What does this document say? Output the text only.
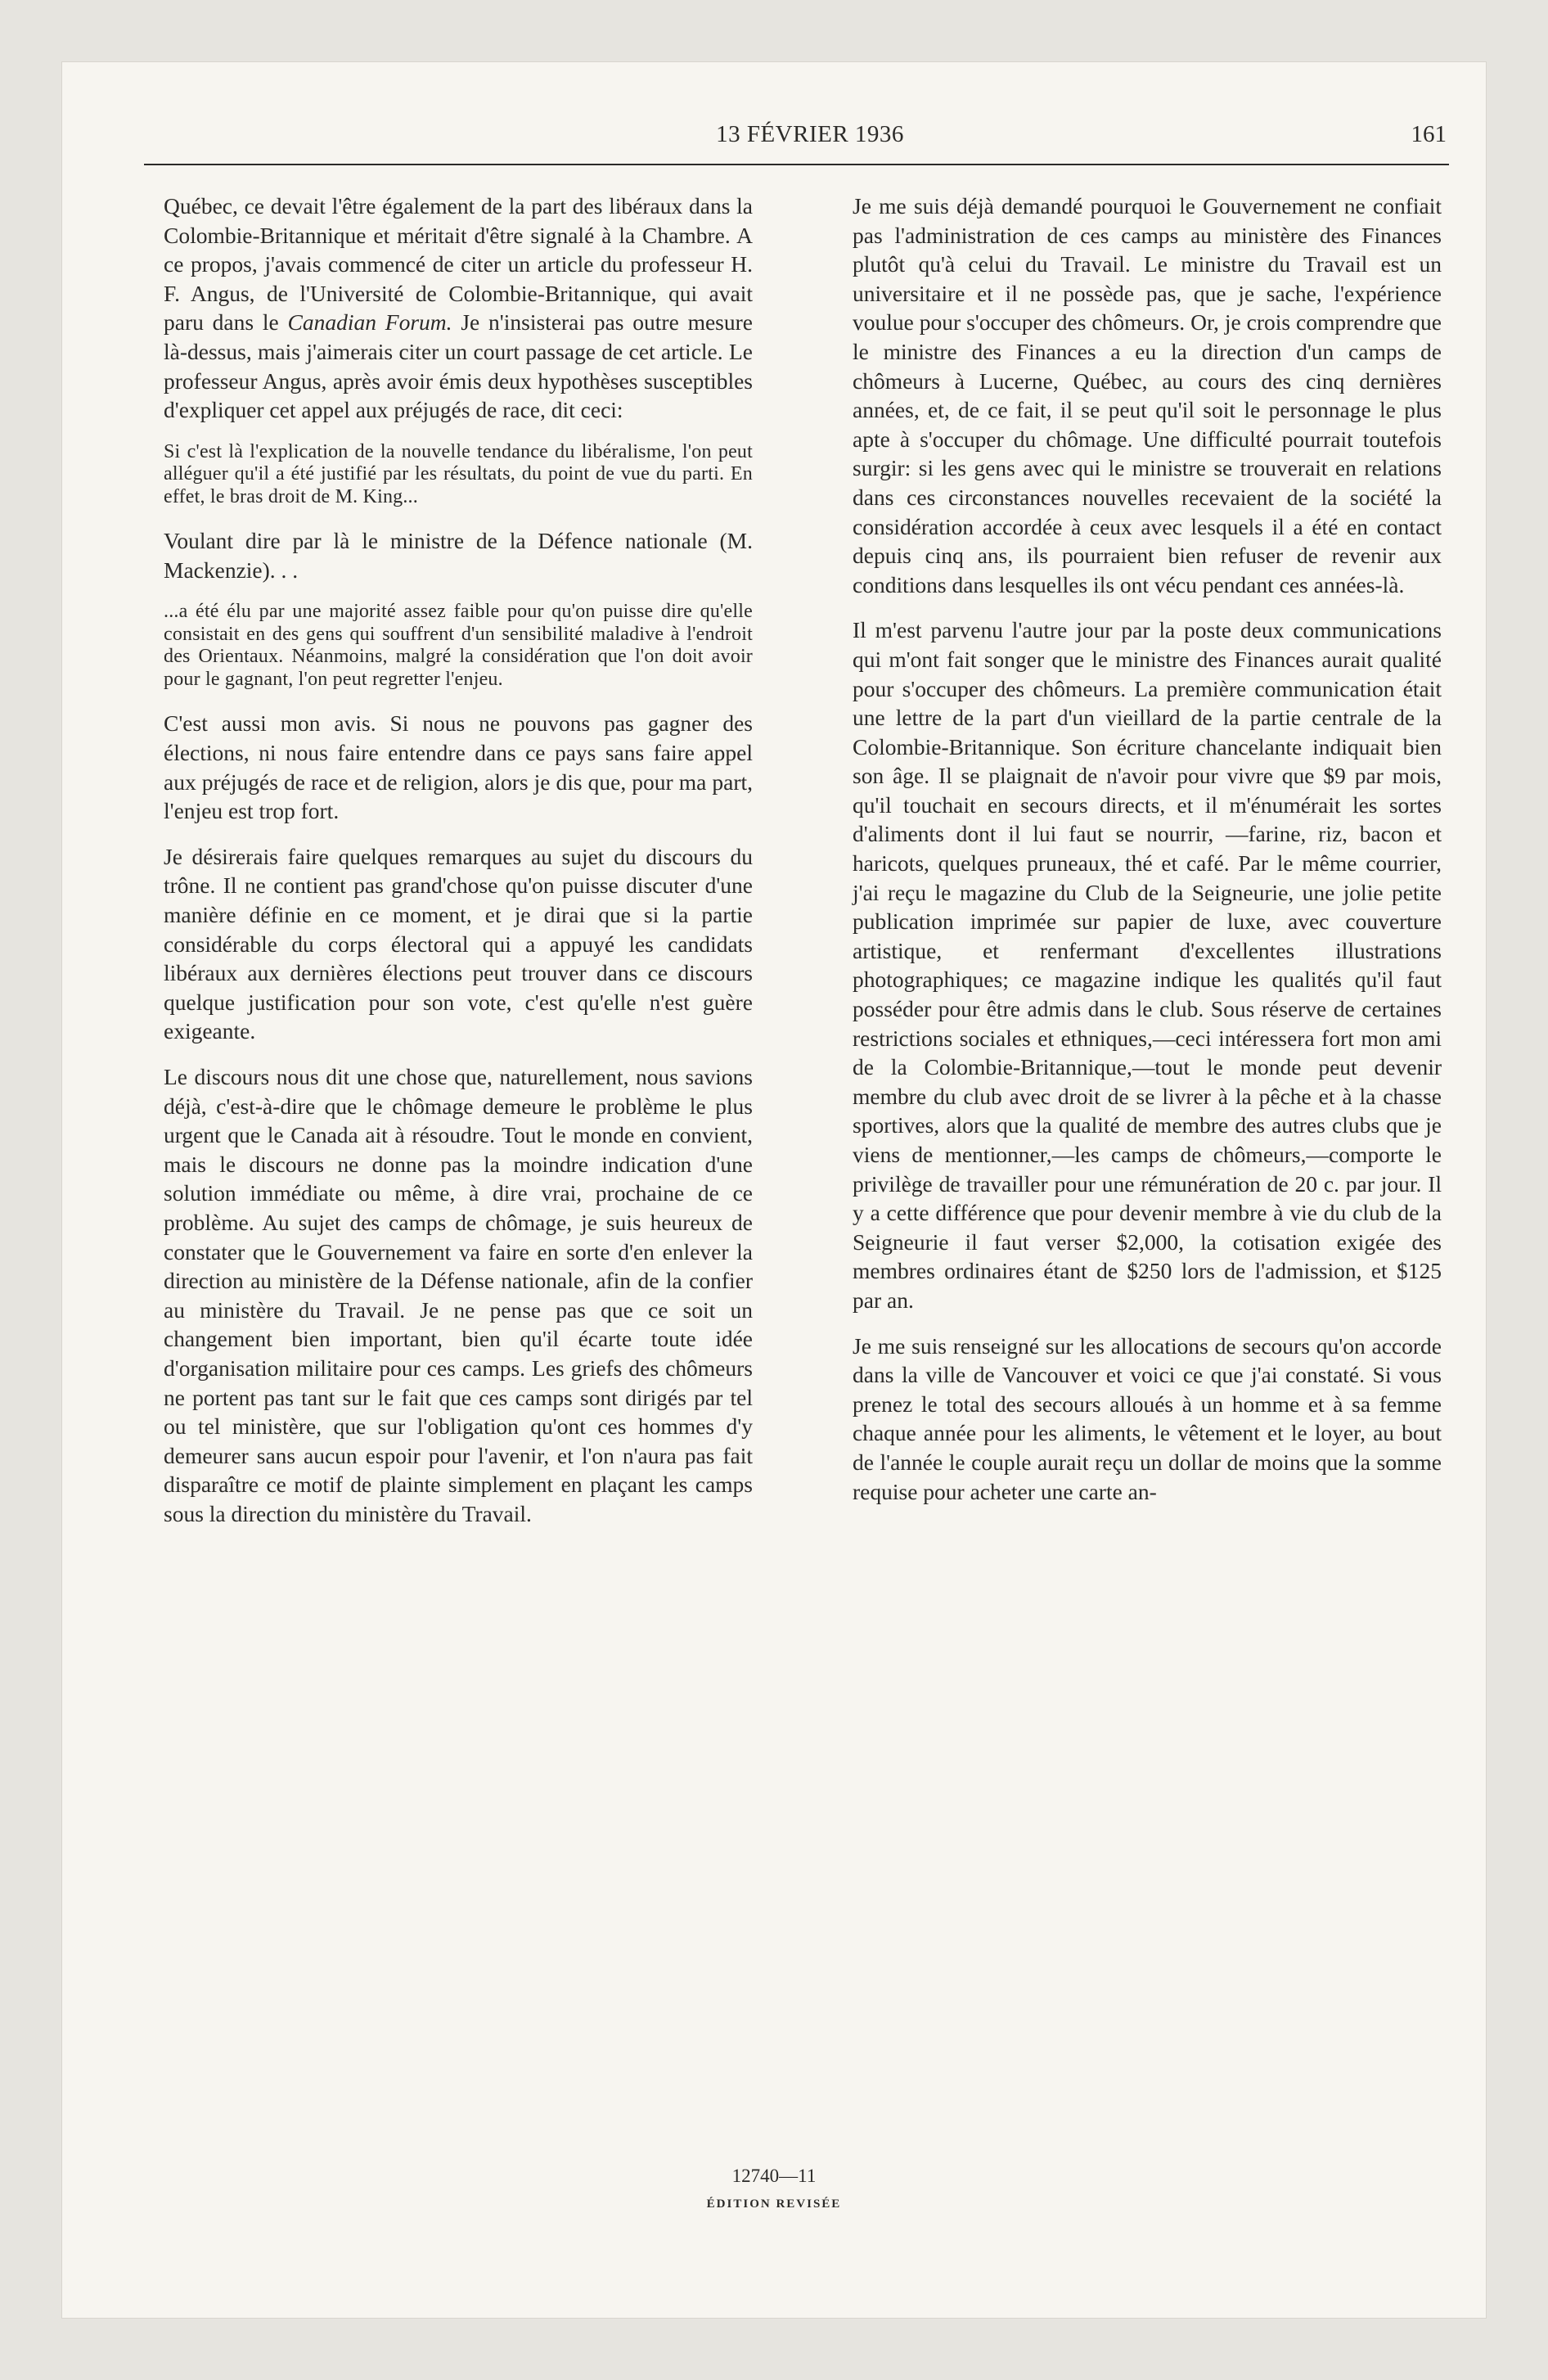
13 FÉVRIER 1936	161

Québec, ce devait l'être également de la part des libéraux dans la Colombie-Britannique et méritait d'être signalé à la Chambre. A ce propos, j'avais commencé de citer un article du professeur H. F. Angus, de l'Université de Colombie-Britannique, qui avait paru dans le Canadian Forum. Je n'insisterai pas outre mesure là-dessus, mais j'aimerais citer un court passage de cet article. Le professeur Angus, après avoir émis deux hypothèses susceptibles d'expliquer cet appel aux préjugés de race, dit ceci:

Si c'est là l'explication de la nouvelle tendance du libéralisme, l'on peut alléguer qu'il a été justifié par les résultats, du point de vue du parti. En effet, le bras droit de M. King...

Voulant dire par là le ministre de la Défence nationale (M. Mackenzie). . .

...a été élu par une majorité assez faible pour qu'on puisse dire qu'elle consistait en des gens qui souffrent d'un sensibilité maladive à l'endroit des Orientaux. Néanmoins, malgré la considération que l'on doit avoir pour le gagnant, l'on peut regretter l'enjeu.

C'est aussi mon avis. Si nous ne pouvons pas gagner des élections, ni nous faire entendre dans ce pays sans faire appel aux préjugés de race et de religion, alors je dis que, pour ma part, l'enjeu est trop fort.

Je désirerais faire quelques remarques au sujet du discours du trône. Il ne contient pas grand'chose qu'on puisse discuter d'une manière définie en ce moment, et je dirai que si la partie considérable du corps électoral qui a appuyé les candidats libéraux aux dernières élections peut trouver dans ce discours quelque justification pour son vote, c'est qu'elle n'est guère exigeante.

Le discours nous dit une chose que, naturellement, nous savions déjà, c'est-à-dire que le chômage demeure le problème le plus urgent que le Canada ait à résoudre. Tout le monde en convient, mais le discours ne donne pas la moindre indication d'une solution immédiate ou même, à dire vrai, prochaine de ce problème. Au sujet des camps de chômage, je suis heureux de constater que le Gouvernement va faire en sorte d'en enlever la direction au ministère de la Défense nationale, afin de la confier au ministère du Travail. Je ne pense pas que ce soit un changement bien important, bien qu'il écarte toute idée d'organisation militaire pour ces camps. Les griefs des chômeurs ne portent pas tant sur le fait que ces camps sont dirigés par tel ou tel ministère, que sur l'obligation qu'ont ces hommes d'y demeurer sans aucun espoir pour l'avenir, et l'on n'aura pas fait disparaître ce motif de plainte simplement en plaçant les camps sous la direction du ministère du Travail.

Je me suis déjà demandé pourquoi le Gouvernement ne confiait pas l'administration de ces camps au ministère des Finances plutôt qu'à celui du Travail. Le ministre du Travail est un universitaire et il ne possède pas, que je sache, l'expérience voulue pour s'occuper des chômeurs. Or, je crois comprendre que le ministre des Finances a eu la direction d'un camps de chômeurs à Lucerne, Québec, au cours des cinq dernières années, et, de ce fait, il se peut qu'il soit le personnage le plus apte à s'occuper du chômage. Une difficulté pourrait toutefois surgir: si les gens avec qui le ministre se trouverait en relations dans ces circonstances nouvelles recevaient de la société la considération accordée à ceux avec lesquels il a été en contact depuis cinq ans, ils pourraient bien refuser de revenir aux conditions dans lesquelles ils ont vécu pendant ces années-là.

Il m'est parvenu l'autre jour par la poste deux communications qui m'ont fait songer que le ministre des Finances aurait qualité pour s'occuper des chômeurs. La première communication était une lettre de la part d'un vieillard de la partie centrale de la Colombie-Britannique. Son écriture chancelante indiquait bien son âge. Il se plaignait de n'avoir pour vivre que $9 par mois, qu'il touchait en secours directs, et il m'énumérait les sortes d'aliments dont il lui faut se nourrir, —farine, riz, bacon et haricots, quelques pruneaux, thé et café. Par le même courrier, j'ai reçu le magazine du Club de la Seigneurie, une jolie petite publication imprimée sur papier de luxe, avec couverture artistique, et renfermant d'excellentes illustrations photographiques; ce magazine indique les qualités qu'il faut posséder pour être admis dans le club. Sous réserve de certaines restrictions sociales et ethniques,—ceci intéressera fort mon ami de la Colombie-Britannique,—tout le monde peut devenir membre du club avec droit de se livrer à la pêche et à la chasse sportives, alors que la qualité de membre des autres clubs que je viens de mentionner,—les camps de chômeurs,—comporte le privilège de travailler pour une rémunération de 20 c. par jour. Il y a cette différence que pour devenir membre à vie du club de la Seigneurie il faut verser $2,000, la cotisation exigée des membres ordinaires étant de $250 lors de l'admission, et $125 par an.

Je me suis renseigné sur les allocations de secours qu'on accorde dans la ville de Vancouver et voici ce que j'ai constaté. Si vous prenez le total des secours alloués à un homme et à sa femme chaque année pour les aliments, le vêtement et le loyer, au bout de l'année le couple aurait reçu un dollar de moins que la somme requise pour acheter une carte an-

12740—11
ÉDITION REVISÉE
